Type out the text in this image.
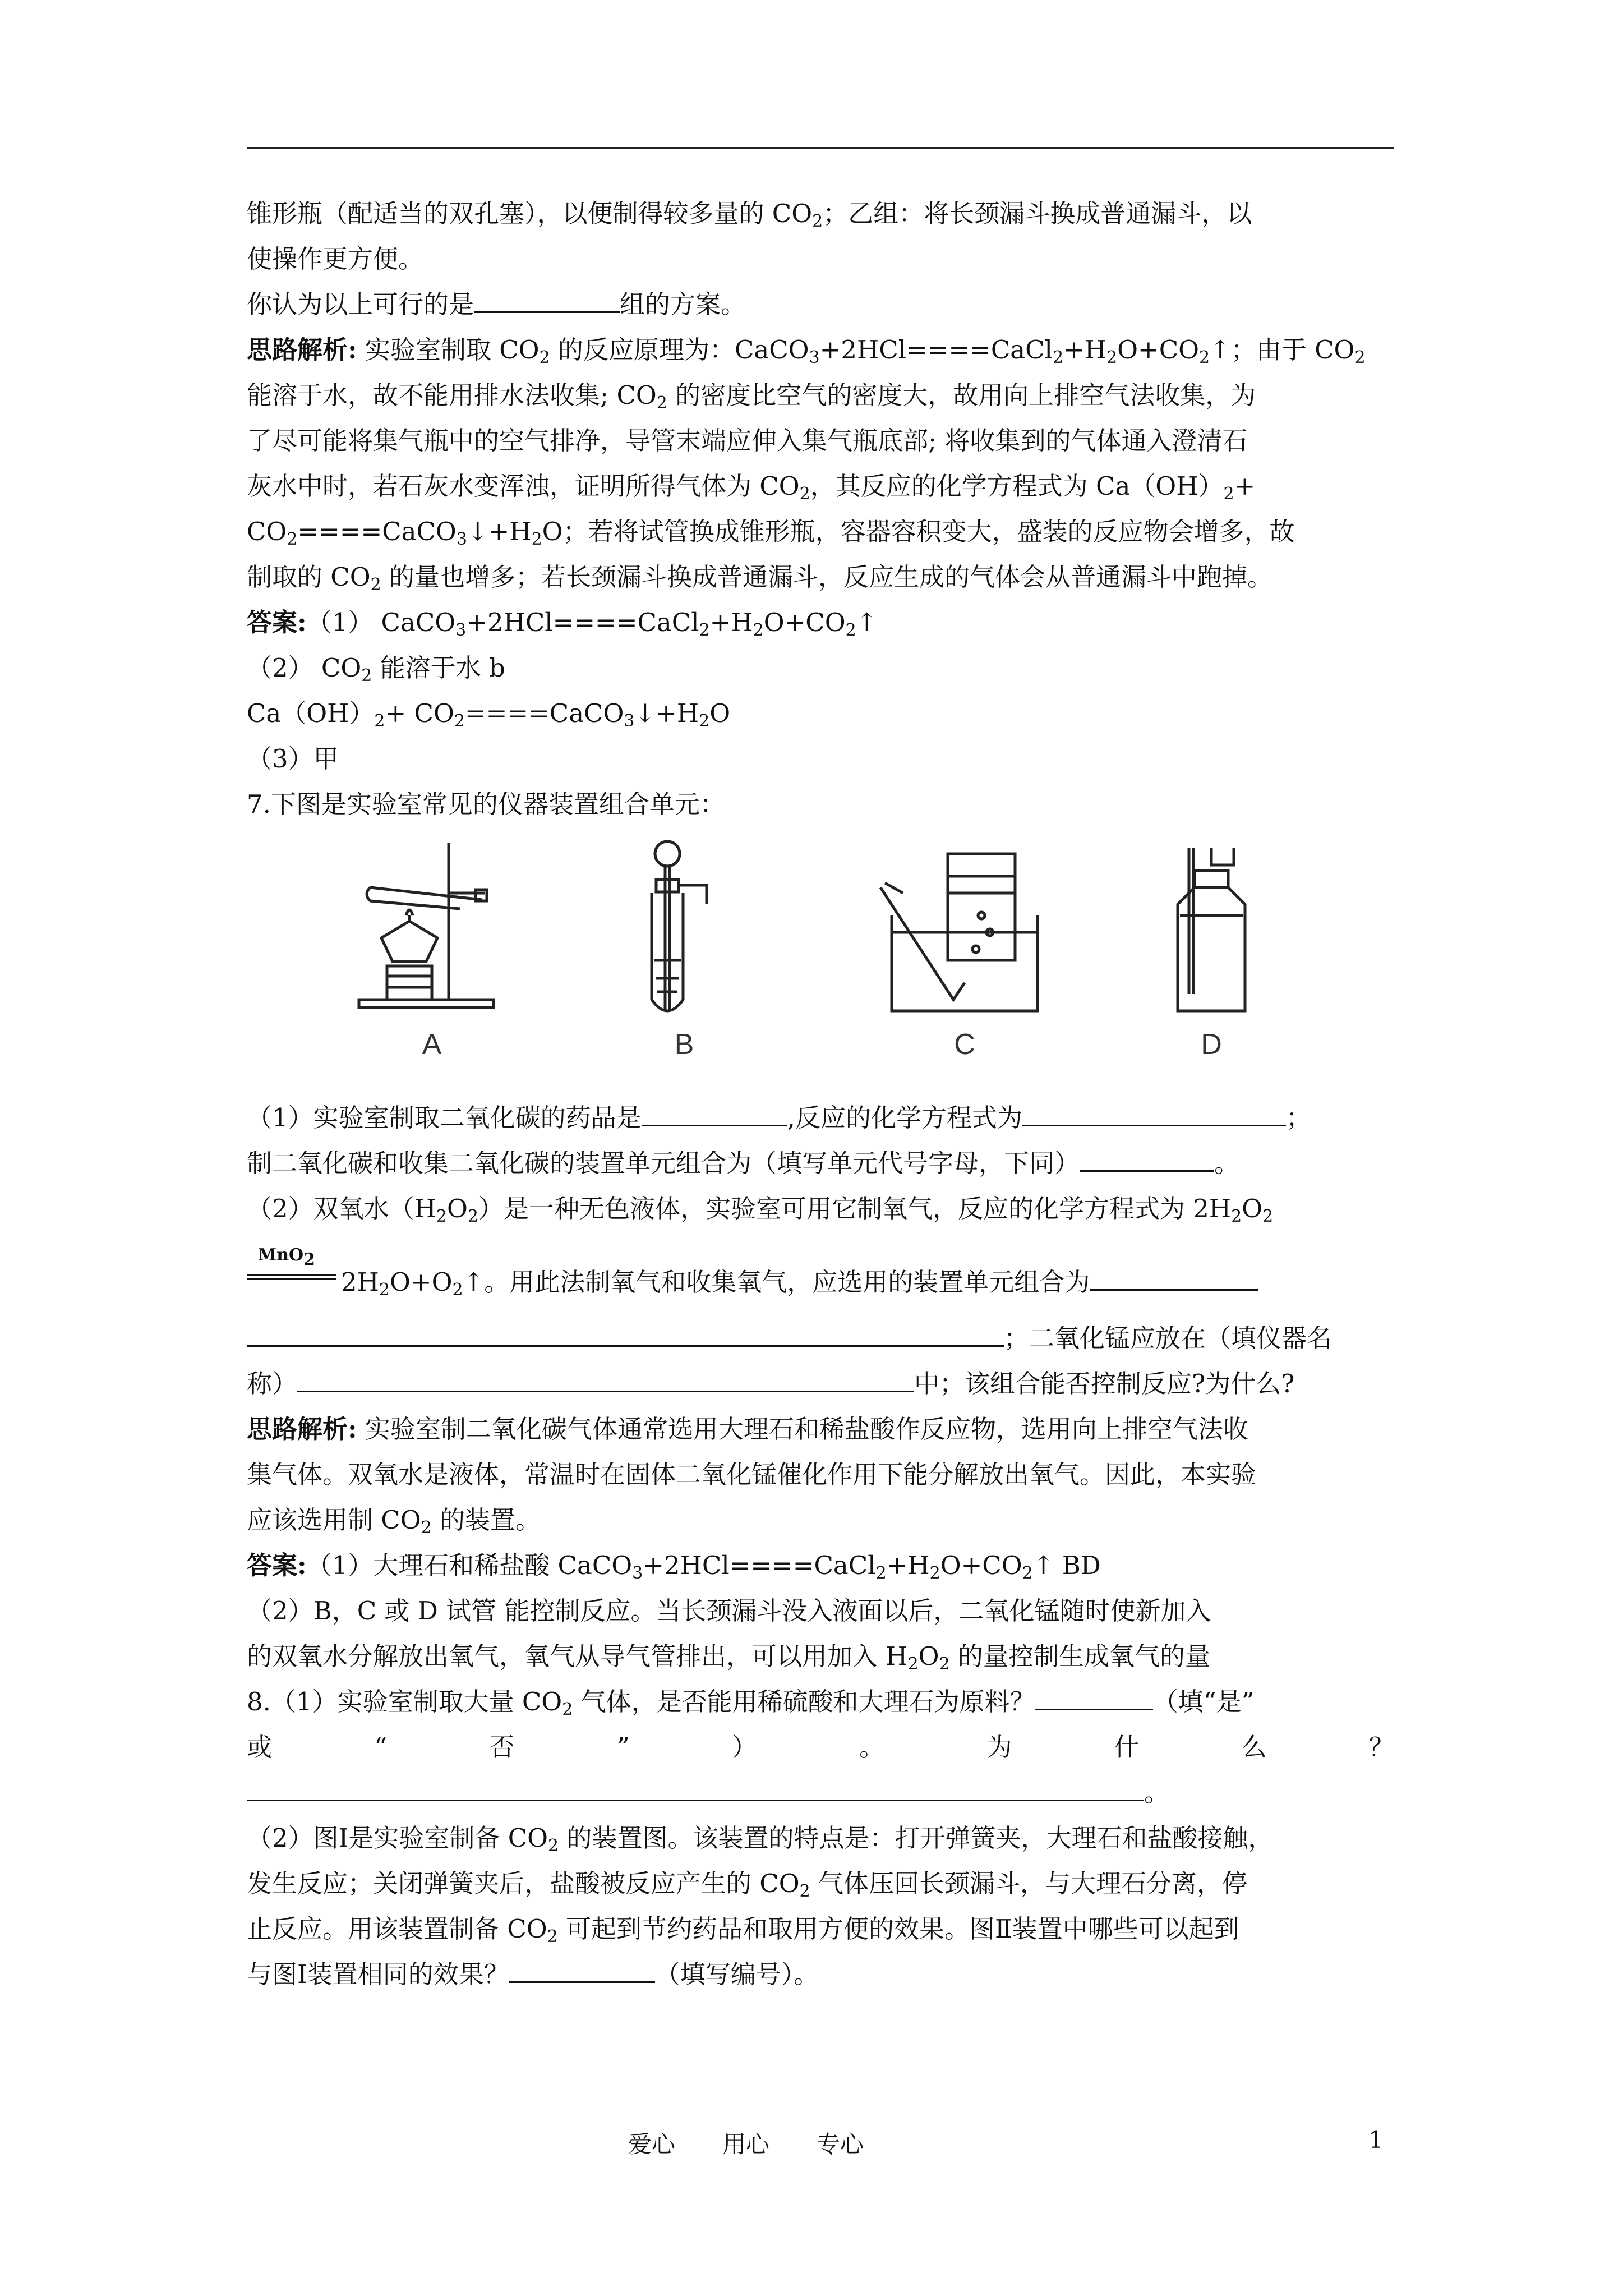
锥形瓶（配适当的双孔塞），以便制得较多量的 $CO_2$；乙组：将长颈漏斗换成普通漏斗，以
使操作更方便。
你认为以上可行的是	组的方案。
思路解析: 实验室制取 $CO_2$ 的反应原理为：$CaCO_3+2HCl====CaCl_2+H_2O+CO_2↑$；由于 $CO_2$
能溶于水，故不能用排水法收集; $CO_2$ 的密度比空气的密度大，故用向上排空气法收集，为
了尽可能将集气瓶中的空气排净，导管末端应伸入集气瓶底部; 将收集到的气体通入澄清石
灰水中时，若石灰水变浑浊，证明所得气体为 $CO_2$，其反应的化学方程式为 $Ca(OH)_2+$
$CO_2====CaCO_3↓+H_2O$；若将试管换成锥形瓶，容器容积变大，盛装的反应物会增多，故
制取的 $CO_2$ 的量也增多；若长颈漏斗换成普通漏斗，反应生成的气体会从普通漏斗中跑掉。
答案:（1） $CaCO_3+2HCl====CaCl_2+H_2O+CO_2↑$
（2） $CO_2$ 能溶于水 b
$Ca(OH)_2+$ $CO_2====CaCO_3↓+H_2O$
（3）甲
7.下图是实验室常见的仪器装置组合单元：
A	B	C	D
（1）实验室制取二氧化碳的药品是	,反应的化学方程式为	；
制二氧化碳和收集二氧化碳的装置单元组合为（填写单元代号字母，下同）	。
（2）双氧水$(H_2O_2)$是一种无色液体，实验室可用它制氧气，反应的化学方程式为 $2H_2O_2$
MnO$_2$
$2H_2O+O_2↑$。用此法制氧气和收集氧气，应选用的装置单元组合为
；二氧化锰应放在（填仪器名
称）	中；该组合能否控制反应?为什么?
思路解析: 实验室制二氧化碳气体通常选用大理石和稀盐酸作反应物，选用向上排空气法收
集气体。双氧水是液体，常温时在固体二氧化锰催化作用下能分解放出氧气。因此，本实验
应该选用制 $CO_2$ 的装置。
答案:（1）大理石和稀盐酸 $CaCO_3+2HCl====CaCl_2+H_2O+CO_2↑$ BD
（2）B，C 或 D 试管 能控制反应。当长颈漏斗没入液面以后，二氧化锰随时使新加入
的双氧水分解放出氧气，氧气从导气管排出，可以用加入 $H_2O_2$ 的量控制生成氧气的量
8.（1）实验室制取大量 $CO_2$ 气体，是否能用稀硫酸和大理石为原料？	（填“是”
或	“	否	”	）	。	为	什	么	？
。
（2）图Ⅰ是实验室制备 $CO_2$ 的装置图。该装置的特点是：打开弹簧夹，大理石和盐酸接触，
发生反应；关闭弹簧夹后，盐酸被反应产生的 $CO_2$ 气体压回长颈漏斗，与大理石分离，停
止反应。用该装置制备 $CO_2$ 可起到节约药品和取用方便的效果。图Ⅱ装置中哪些可以起到
与图Ⅰ装置相同的效果？	（填写编号）。
爱心　　用心　　专心	1
